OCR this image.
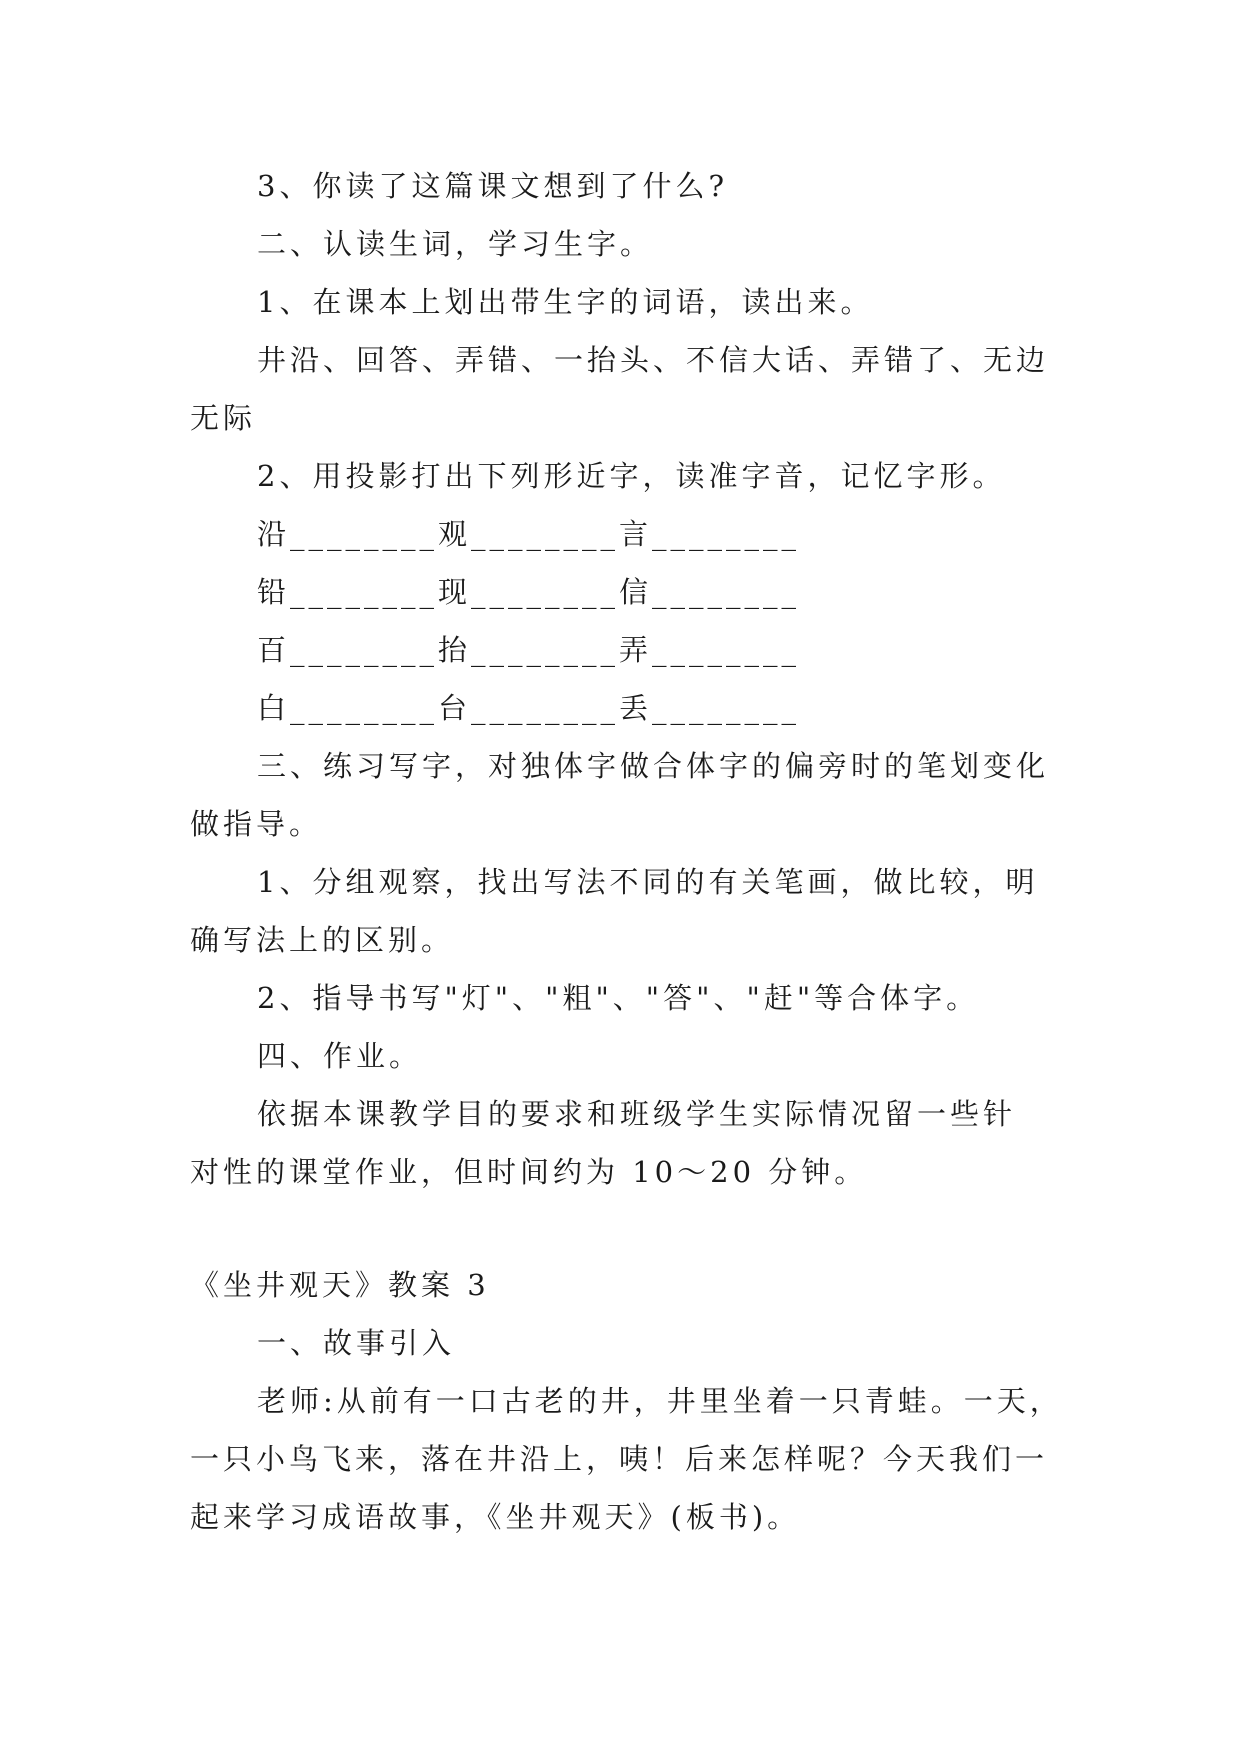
3、你读了这篇课文想到了什么?
二、认读生词，学习生字。
1、在课本上划出带生字的词语，读出来。
井沿、回答、弄错、一抬头、不信大话、弄错了、无边
无际
2、用投影打出下列形近字，读准字音，记忆字形。
沿________观________言________
铅________现________信________
百________抬________弄________
白________台________丢________
三、练习写字，对独体字做合体字的偏旁时的笔划变化
做指导。
1、分组观察，找出写法不同的有关笔画，做比较，明
确写法上的区别。
2、指导书写"灯"、"粗"、"答"、"赶"等合体字。
四、作业。
依据本课教学目的要求和班级学生实际情况留一些针
对性的课堂作业，但时间约为 10～20 分钟。
《坐井观天》教案 3
一、故事引入
老师:从前有一口古老的井，井里坐着一只青蛙。一天，
一只小鸟飞来，落在井沿上，咦！后来怎样呢？今天我们一
起来学习成语故事，《坐井观天》(板书)。
